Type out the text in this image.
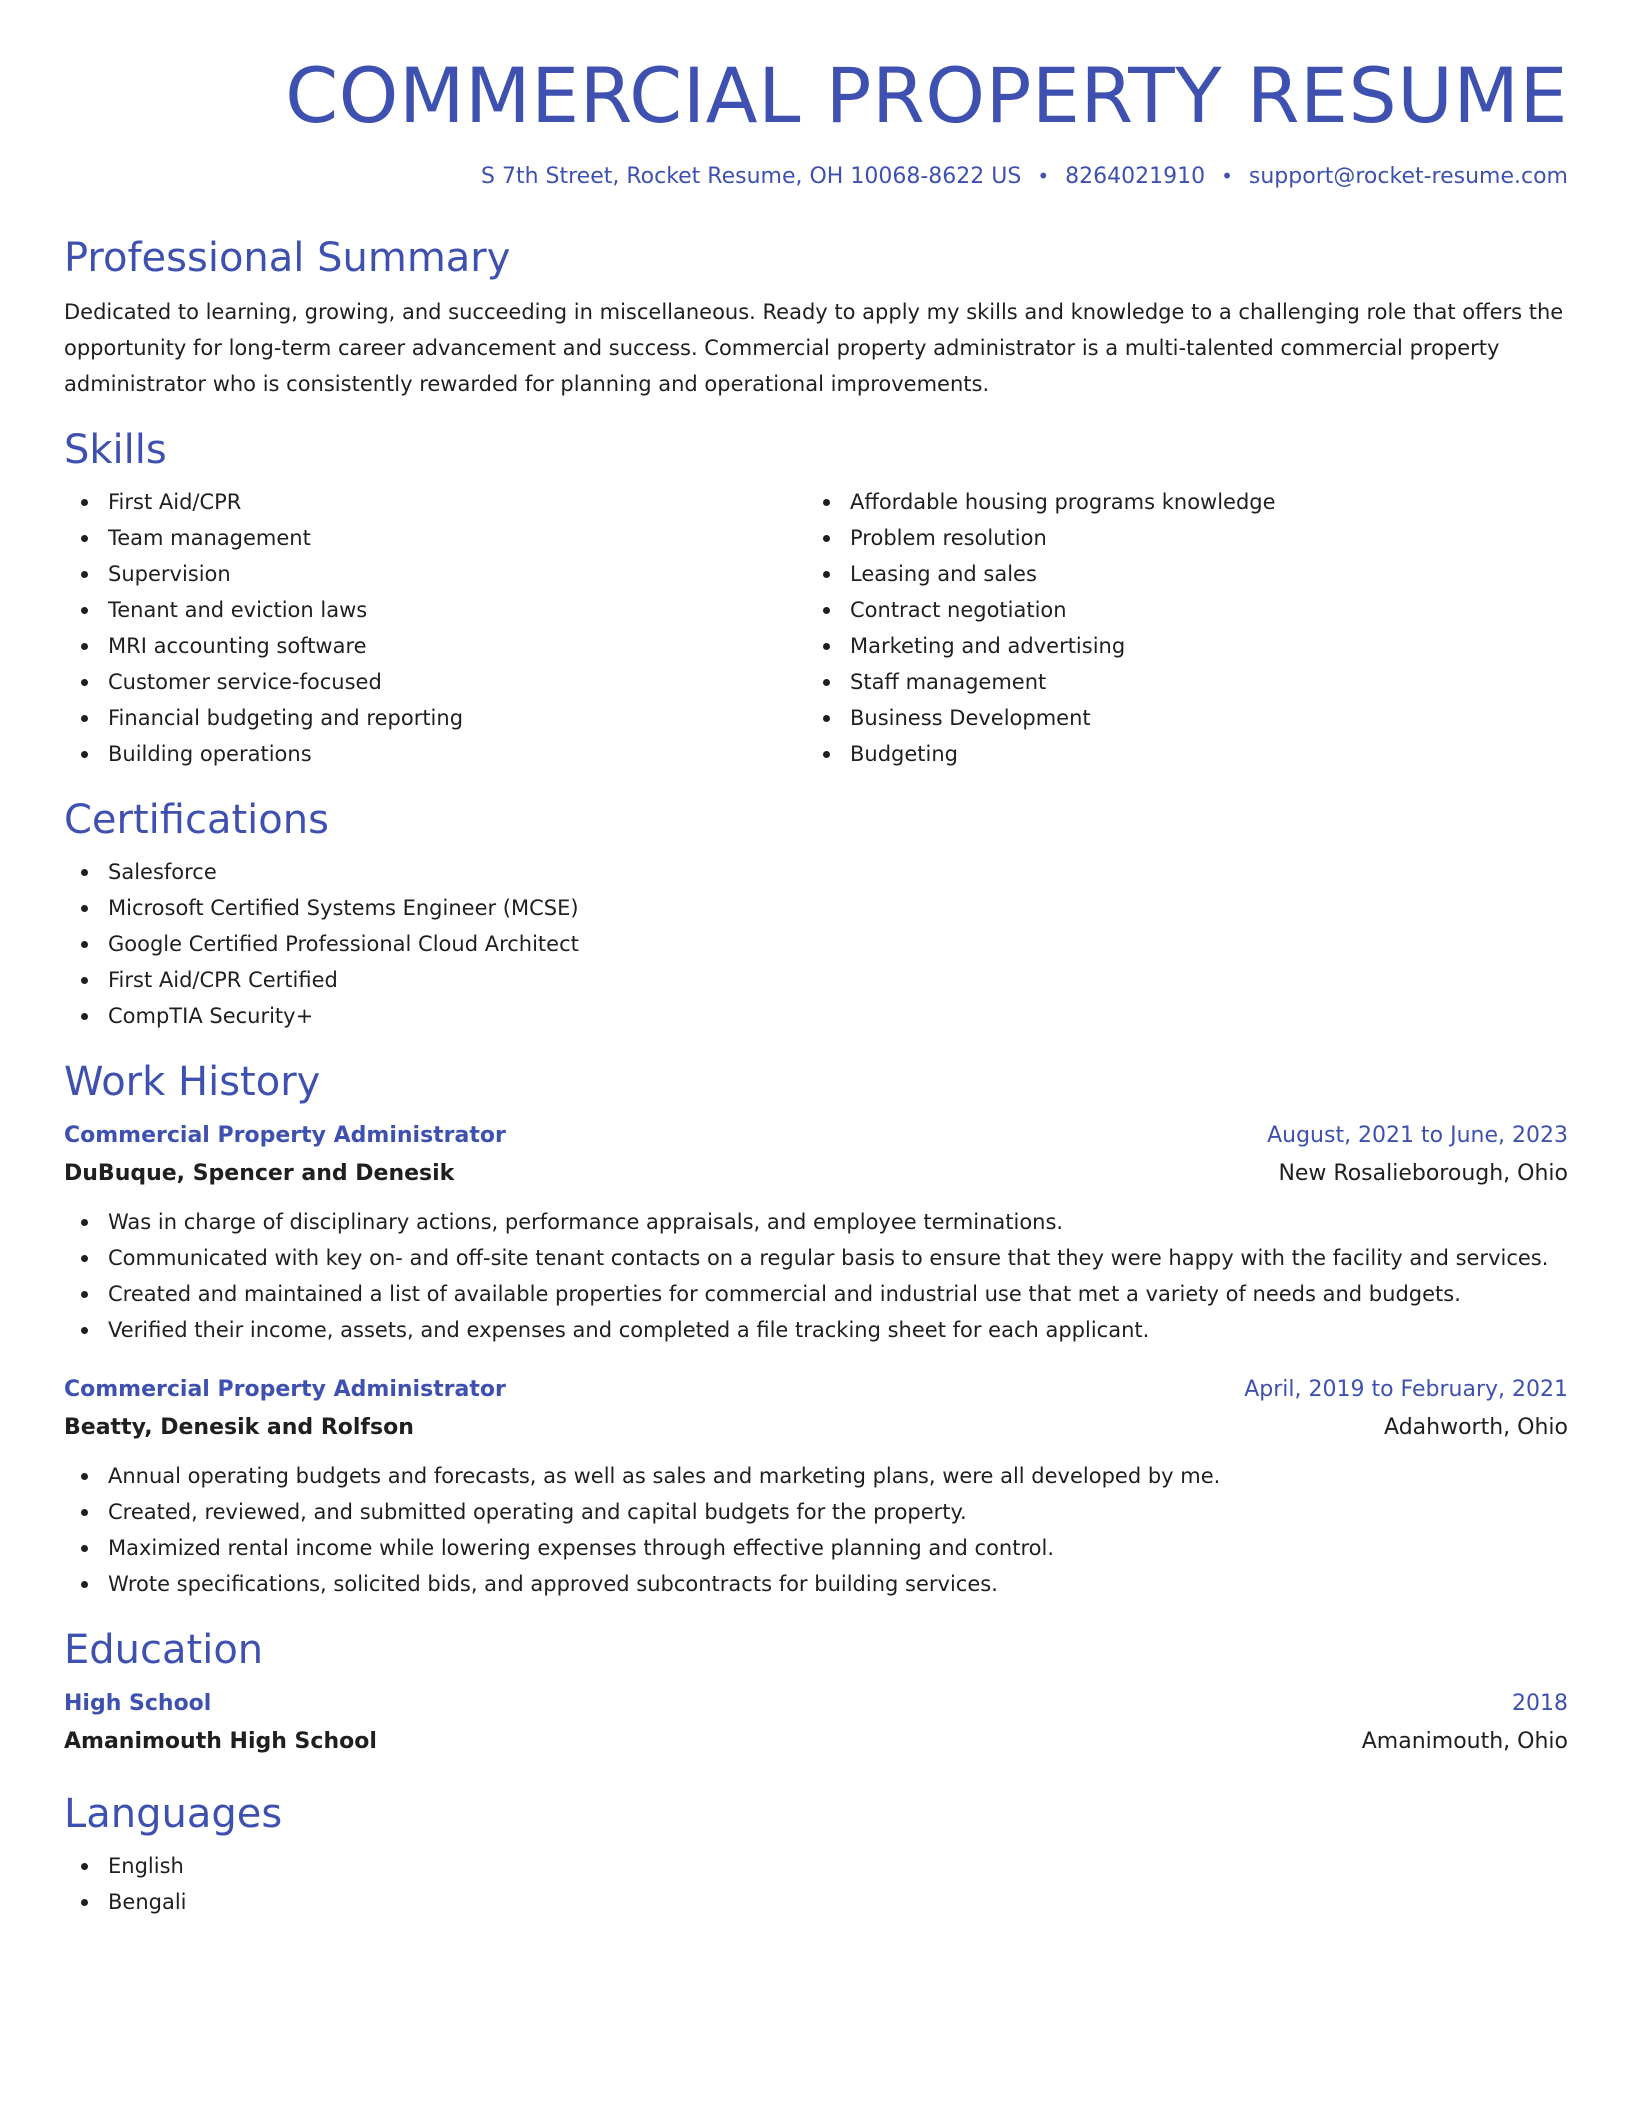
COMMERCIAL PROPERTY RESUME
S 7th Street, Rocket Resume, OH 10068-8622 US • 8264021910 • support@rocket-resume.com
Professional Summary

Dedicated to learning, growing, and succeeding in miscellaneous. Ready to apply my skills and knowledge to a challenging role that offers the opportunity for long-term career advancement and success. Commercial property administrator is a multi-talented commercial property administrator who is consistently rewarded for planning and operational improvements.

Skills
First Aid/CPR
Team management
Supervision
Tenant and eviction laws
MRI accounting software
Customer service-focused
Financial budgeting and reporting
Building operations
Affordable housing programs knowledge
Problem resolution
Leasing and sales
Contract negotiation
Marketing and advertising
Staff management
Business Development
Budgeting
Certifications
Salesforce
Microsoft Certified Systems Engineer (MCSE)
Google Certified Professional Cloud Architect
First Aid/CPR Certified
CompTIA Security+
Work History
Commercial Property Administrator	August, 2021 to June, 2023
DuBuque, Spencer and Denesik	New Rosalieborough, Ohio
Was in charge of disciplinary actions, performance appraisals, and employee terminations.
Communicated with key on- and off-site tenant contacts on a regular basis to ensure that they were happy with the facility and services.
Created and maintained a list of available properties for commercial and industrial use that met a variety of needs and budgets.
Verified their income, assets, and expenses and completed a file tracking sheet for each applicant.
Commercial Property Administrator	April, 2019 to February, 2021
Beatty, Denesik and Rolfson	Adahworth, Ohio
Annual operating budgets and forecasts, as well as sales and marketing plans, were all developed by me.
Created, reviewed, and submitted operating and capital budgets for the property.
Maximized rental income while lowering expenses through effective planning and control.
Wrote specifications, solicited bids, and approved subcontracts for building services.
Education
High School	2018
Amanimouth High School	Amanimouth, Ohio
Languages
English
Bengali
